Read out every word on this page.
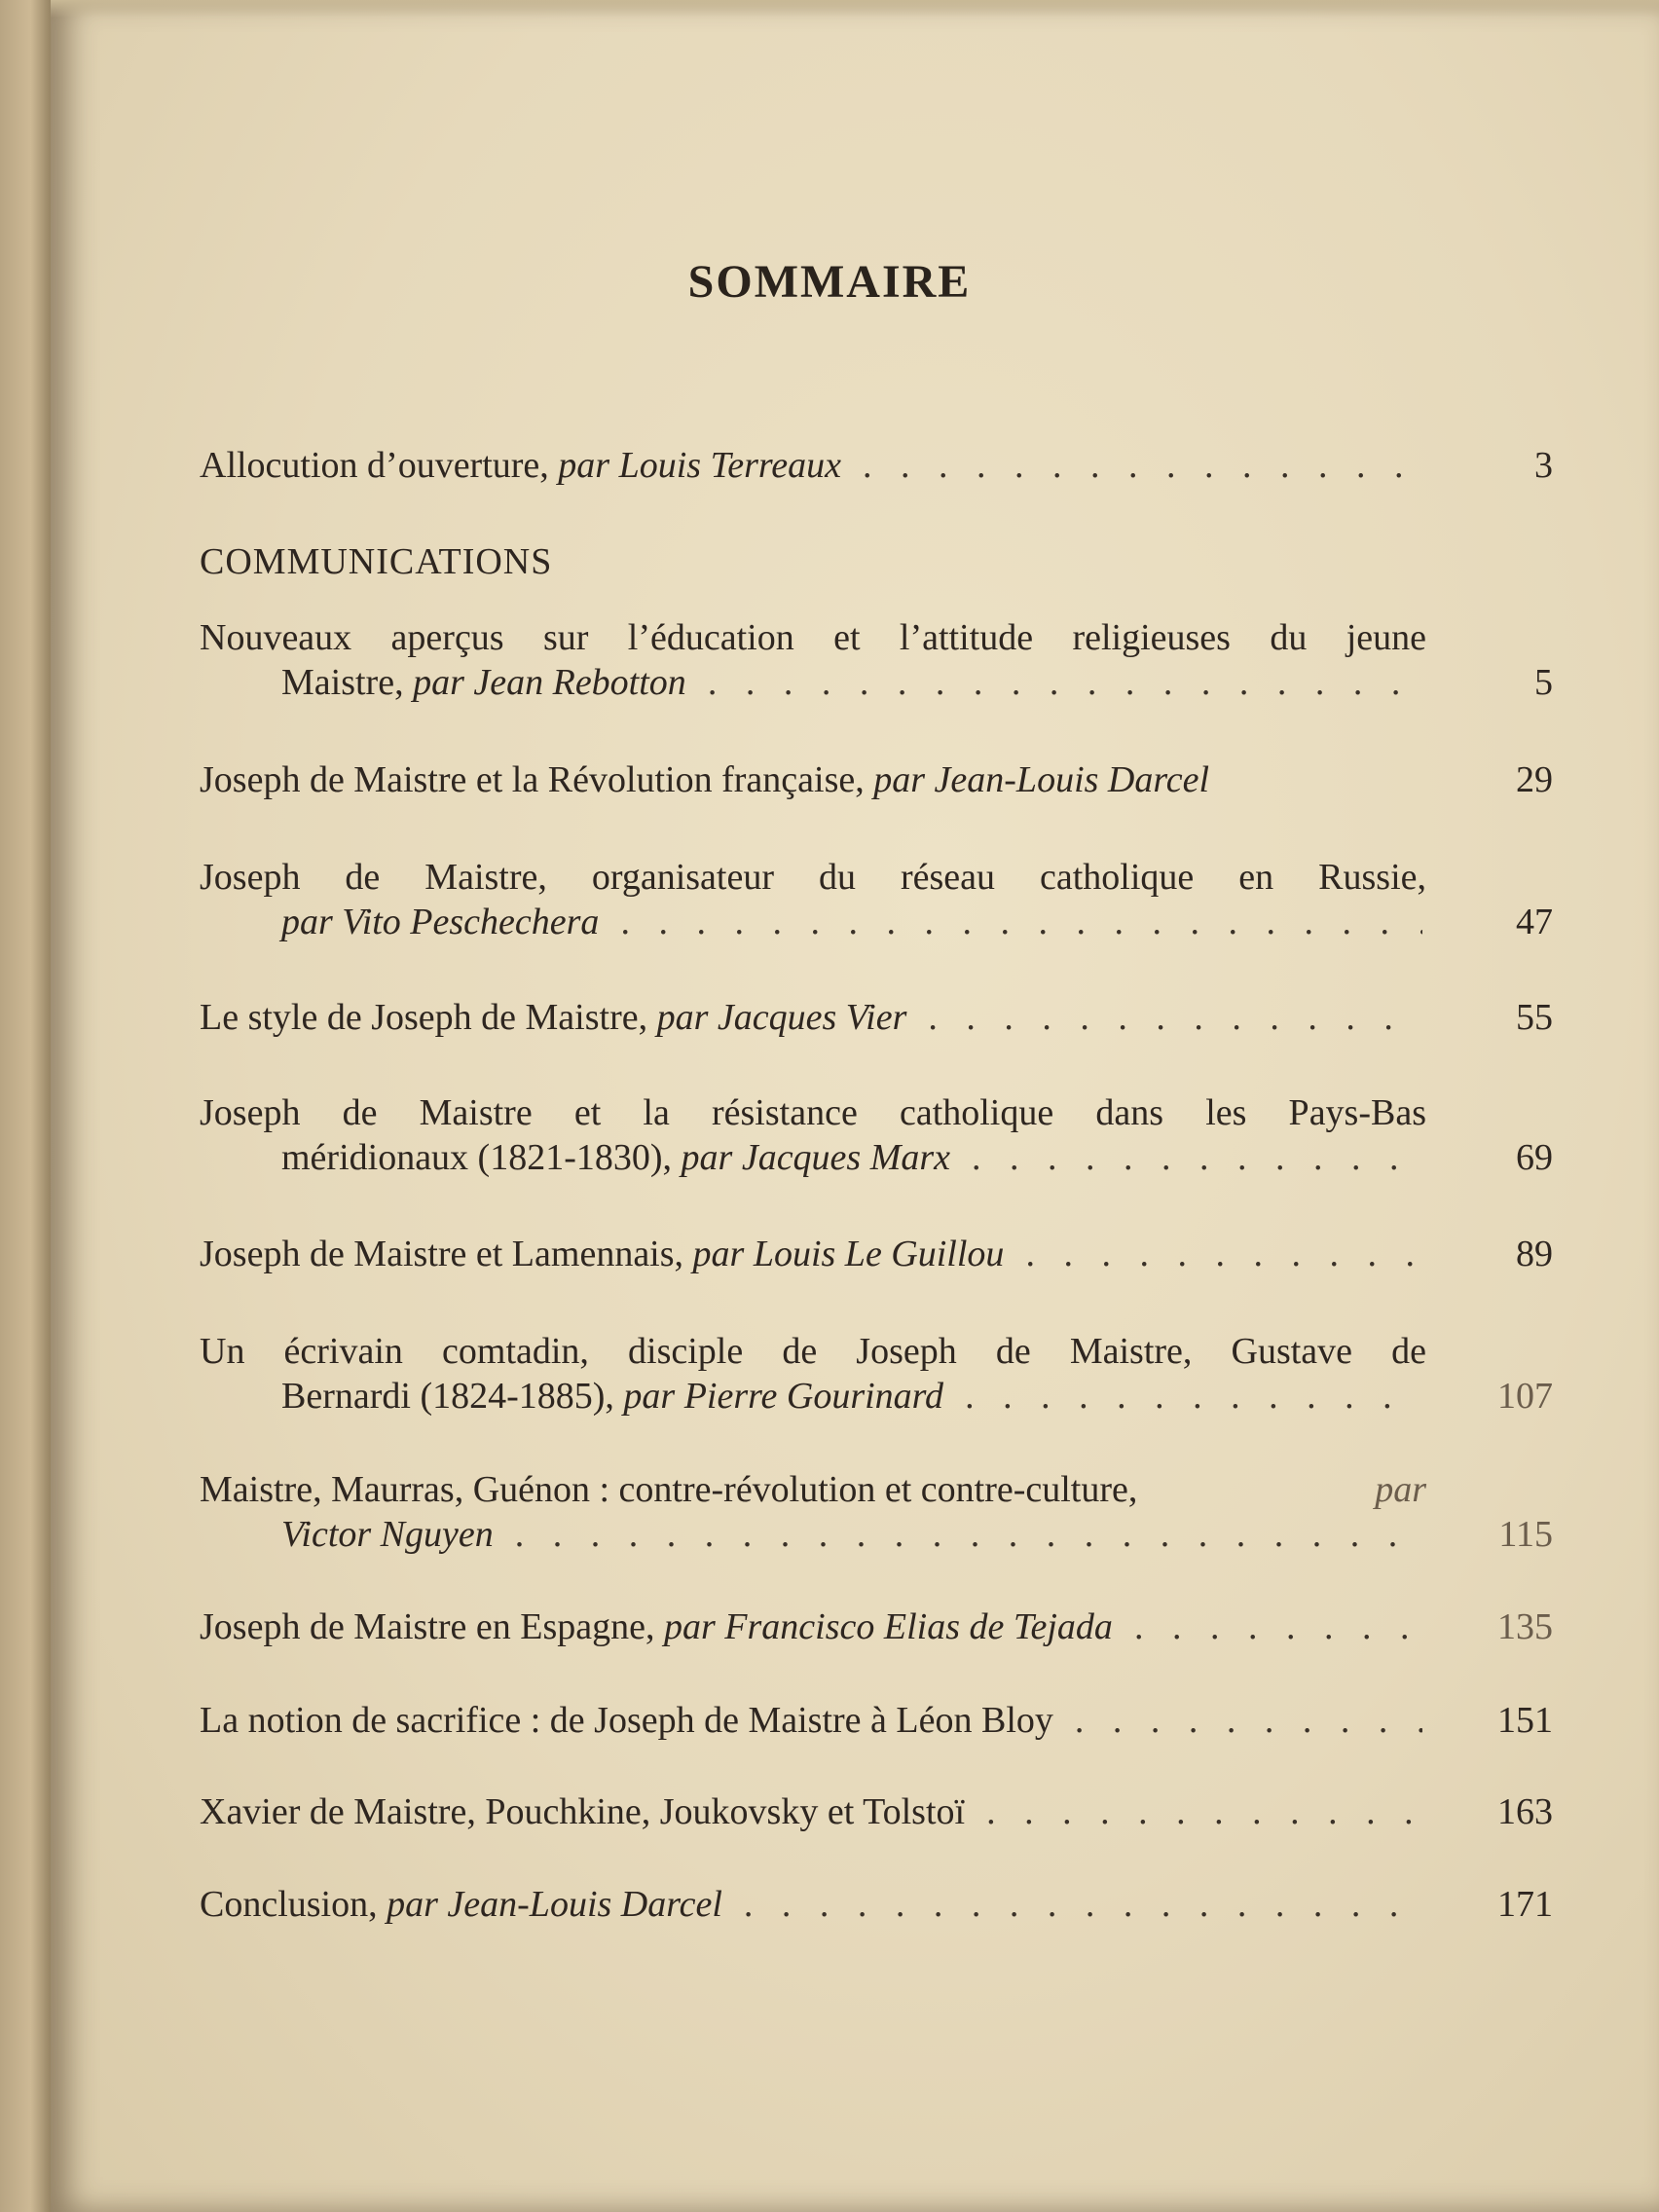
SOMMAIRE
Allocution d’ouverture,
par
Louis Terreaux . . .	3
COMMUNICATIONS
Nouveaux aperçus sur l’éducation et l’attitude religieuses du jeune
Maistre,
par
Jean Rebotton . . .	5
Joseph de Maistre et la Révolution française,
par
Jean-Louis Darcel	29
Joseph de Maistre, organisateur du réseau catholique en Russie,
par
Vito Peschechera . . .	47
Le style de Joseph de Maistre,
par
Jacques Vier . . .	55
Joseph de Maistre et la résistance catholique dans les Pays-Bas
méridionaux (1821-1830),
par
Jacques Marx . . .	69
Joseph de Maistre et Lamennais,
par
Louis Le Guillou . . .	89
Un écrivain comtadin, disciple de Joseph de Maistre, Gustave de
Bernardi (1824-1885),
par
Pierre Gourinard . . .	107
Maistre, Maurras, Guénon : contre-révolution et contre-culture,	par
Victor Nguyen . . .	115
Joseph de Maistre en Espagne,
par
Francisco Elias de Tejada . . .	135
La notion de sacrifice : de Joseph de Maistre à Léon Bloy . . .	151
Xavier de Maistre, Pouchkine, Joukovsky et Tolstoï . . .	163
Conclusion,
par
Jean-Louis Darcel . . .	171
